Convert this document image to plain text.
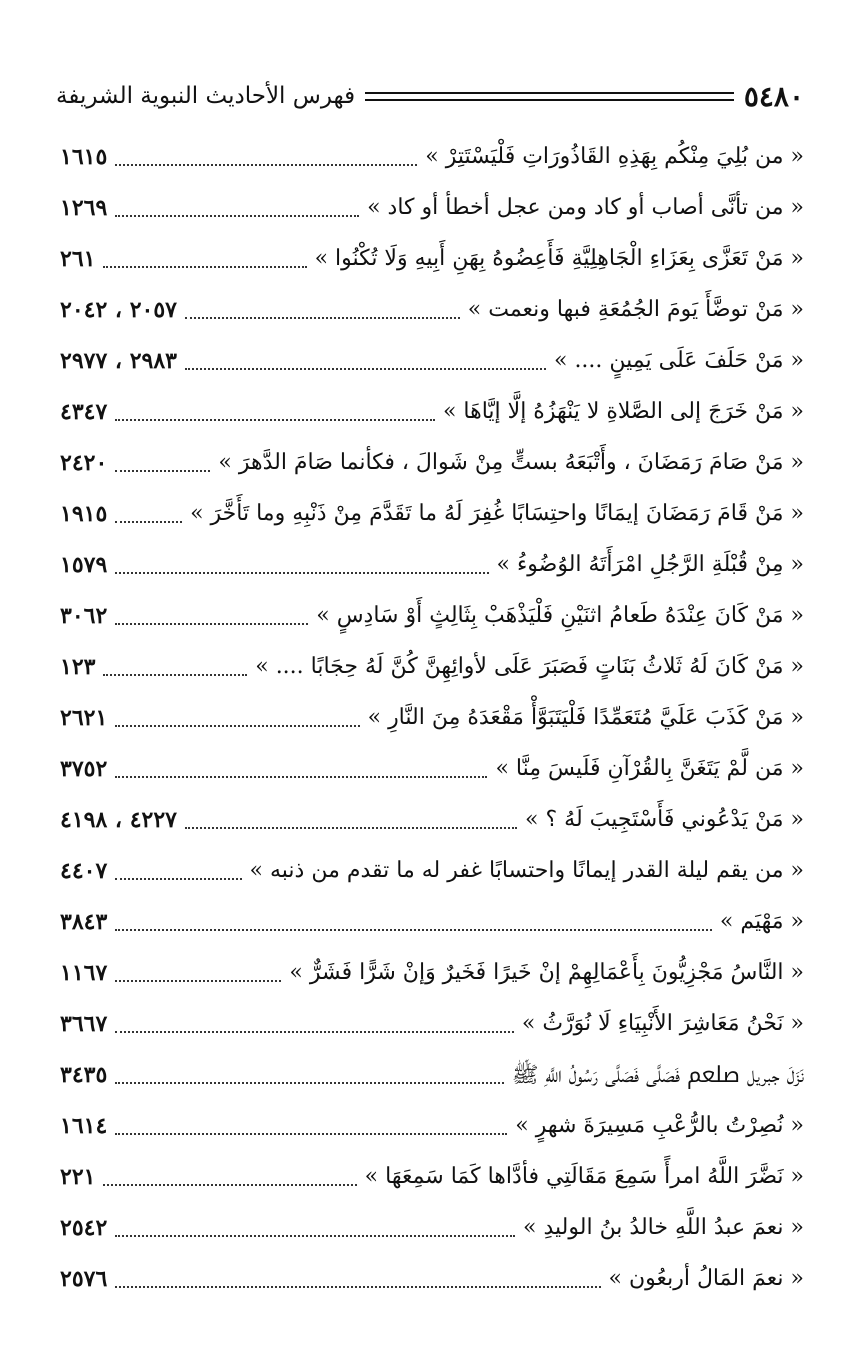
٥٤٨٠
فهرس الأحاديث النبوية الشريفة
« من بُلِيَ مِنْكُم بِهَذِهِ القَاذُورَاتِ فَلْيَسْتَتِرْ »
١٦١٥
« من تأنَّى أصاب أو كاد ومن عجل أخطأ أو كاد »
١٢٦٩
« مَنْ تَعَزَّى بِعَزَاءِ الْجَاهِلِيَّةِ فَأَعِضُوهُ بِهَنِ أَبِيهِ وَلَا تُكْنُوا »
٢٦١
« مَنْ توضَّأَ يَومَ الجُمُعَةِ فبها ونعمت »
٢٠٥٧ ، ٢٠٤٢
« مَنْ حَلَفَ عَلَى يَمِينٍ .... »
٢٩٨٣ ، ٢٩٧٧
« مَنْ خَرَجَ إلى الصَّلاةِ لا يَنْهَزُهُ إلَّا إيَّاهَا »
٤٣٤٧
« مَنْ صَامَ رَمَضَانَ ، وأَتْبَعَهُ بستٍّ مِنْ شَوالَ ، فكأنما صَامَ الدَّهرَ »
٢٤٢٠
« مَنْ قَامَ رَمَضَانَ إيمَانًا واحتِسَابًا غُفِرَ لَهُ ما تَقَدَّمَ مِنْ ذَنْبِهِ وما تَأَخَّرَ »
١٩١٥
« مِنْ قُبْلَةِ الرَّجُلِ امْرَأَتَهُ الوُضُوءُ »
١٥٧٩
« مَنْ كَانَ عِنْدَهُ طَعامُ اثنَيْنِ فَلْيَذْهَبْ بِثَالِثٍ أَوْ سَادِسٍ »
٣٠٦٢
« مَنْ كَانَ لَهُ ثَلاثُ بَنَاتٍ فَصَبَرَ عَلَى لأوائِهِنَّ كُنَّ لَهُ حِجَابًا .... »
١٢٣
« مَنْ كَذَبَ عَلَيَّ مُتَعَمِّدًا فَلْيَتَبَوَّأْ مَقْعَدَهُ مِنَ النَّارِ »
٢٦٢١
« مَن لَّمْ يَتَغَنَّ بِالقُرْآنِ فَلَيسَ مِنَّا »
٣٧٥٢
« مَنْ يَدْعُوني فَأَسْتَجِيبَ لَهُ ؟ »
٤٢٢٧ ، ٤١٩٨
« من يقم ليلة القدر إيمانًا واحتسابًا غفر له ما تقدم من ذنبه »
٤٤٠٧
« مَهْيَم »
٣٨٤٣
« النَّاسُ مَجْزِيُّونَ بِأَعْمَالِهِمْ إنْ خَيرًا فَخَيرٌ وَإنْ شَرًّا فَشَرٌّ »
١١٦٧
« نَحْنُ مَعَاشِرَ الأَنْبِيَاءِ لَا نُوَرَّثُ »
٣٦٦٧
نَزَلَ جبريل ﷵ فَصَلَّى فَصَلَّى رَسُولُ اللَّهِ ﷺ
٣٤٣٥
« نُصِرْتُ بالرُّعْبِ مَسِيرَةَ شهرٍ »
١٦١٤
« نَضَّرَ اللَّهُ امرأً سَمِعَ مَقَالَتِي فأدَّاها كَمَا سَمِعَهَا »
٢٢١
« نعمَ عبدُ اللَّهِ خالدُ بنُ الوليدِ »
٢٥٤٢
« نعمَ المَالُ أربعُون »
٢٥٧٦
